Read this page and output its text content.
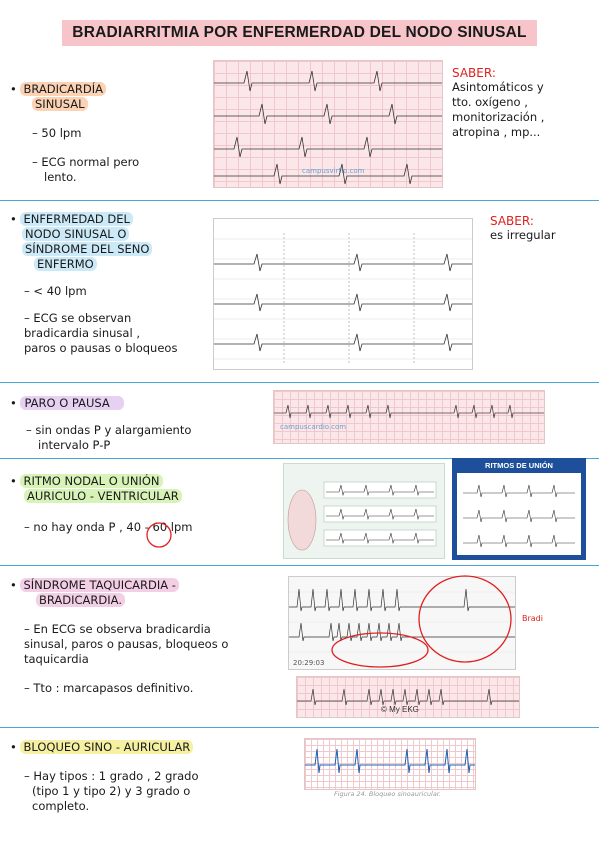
BRADIARRITMIA POR ENFERMERDAD DEL NODO SINUSAL

• BRADICARDÍA

SINUSAL

– 50 lpm

– ECG normal pero

lento.	campusvirtlo.com
SABER:
Asintomáticos y
tto. oxígeno ,
monitorización ,
atropina , mp...

• ENFERMEDAD DEL

NODO SINUSAL O

SÍNDROME DEL SENO

ENFERMO

– < 40 lpm

– ECG se observan

bradicardia sinusal ,

paros o pausas o bloqueos

SABER:
es irregular

• PARO O PAUSA

– sin ondas P y alargamiento

intervalo P-P

campuscardio.com

• RITMO NODAL O UNIÓN

AURICULO - VENTRICULAR

– no hay onda P , 40 - 60 lpm

RITMOS DE UNIÓN

• SÍNDROME TAQUICARDIA -

BRADICARDIA.

– En ECG se observa bradicardia

sinusal, paros o pausas, bloqueos o

taquicardia

– Tto : marcapasos definitivo.

20:29:03
Bradi
© My EKG

• BLOQUEO SINO - AURICULAR

– Hay tipos : 1 grado , 2 grado

(tipo 1 y tipo 2) y 3 grado o

completo.

Figura 24. Bloqueo sinoauricular.
